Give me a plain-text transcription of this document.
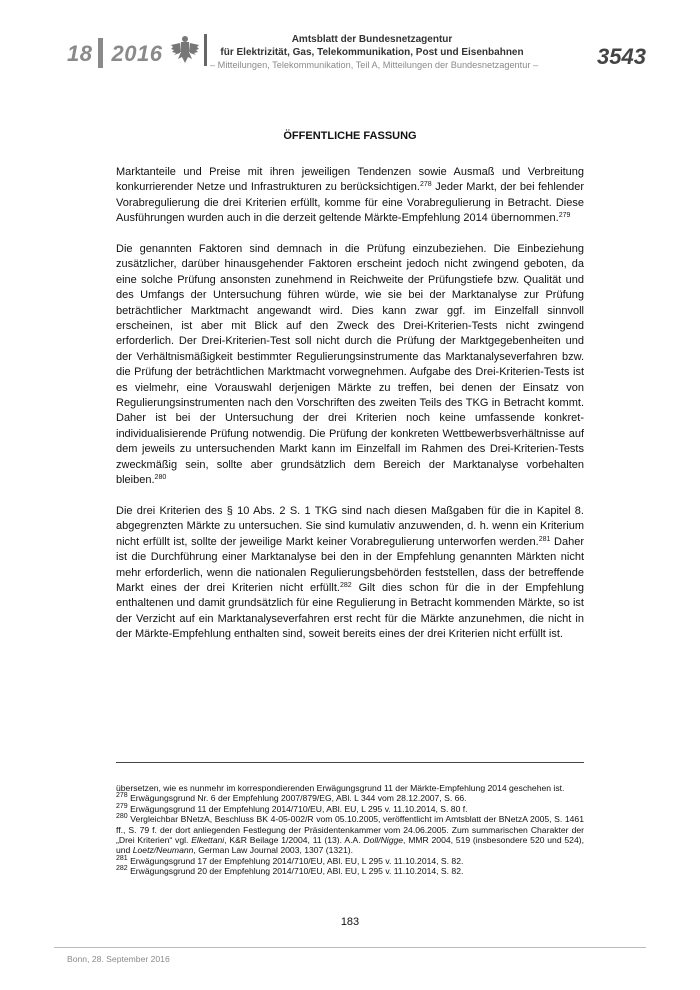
18 2016
Amtsblatt der Bundesnetzagentur
für Elektrizität, Gas, Telekommunikation, Post und Eisenbahnen
– Mitteilungen, Telekommunikation, Teil A, Mitteilungen der Bundesnetzagentur –	3543
ÖFFENTLICHE FASSUNG

Marktanteile und Preise mit ihren jeweiligen Tendenzen sowie Ausmaß und Verbreitung konkurrierender Netze und Infrastrukturen zu berücksichtigen.$^{278}$ Jeder Markt, der bei fehlender Vorabregulierung die drei Kriterien erfüllt, komme für eine Vorabregulierung in Betracht. Diese Ausführungen wurden auch in die derzeit geltende Märkte-Empfehlung 2014 übernommen.$^{279}$

Die genannten Faktoren sind demnach in die Prüfung einzubeziehen. Die Einbeziehung zusätzlicher, darüber hinausgehender Faktoren erscheint jedoch nicht zwingend geboten, da eine solche Prüfung ansonsten zunehmend in Reichweite der Prüfungstiefe bzw. Qualität und des Umfangs der Untersuchung führen würde, wie sie bei der Marktanalyse zur Prüfung beträchtlicher Marktmacht angewandt wird. Dies kann zwar ggf. im Einzelfall sinnvoll erscheinen, ist aber mit Blick auf den Zweck des Drei-Kriterien-Tests nicht zwingend erforderlich. Der Drei-Kriterien-Test soll nicht durch die Prüfung der Marktgegebenheiten und der Verhältnismäßigkeit bestimmter Regulierungsinstrumente das Marktanalyseverfahren bzw. die Prüfung der beträchtlichen Marktmacht vorwegnehmen. Aufgabe des Drei-Kriterien-Tests ist es vielmehr, eine Vorauswahl derjenigen Märkte zu treffen, bei denen der Einsatz von Regulierungsinstrumenten nach den Vorschriften des zweiten Teils des TKG in Betracht kommt. Daher ist bei der Untersuchung der drei Kriterien noch keine umfassende konkret-individualisierende Prüfung notwendig. Die Prüfung der konkreten Wettbewerbsverhältnisse auf dem jeweils zu untersuchenden Markt kann im Einzelfall im Rahmen des Drei-Kriterien-Tests zweckmäßig sein, sollte aber grundsätzlich dem Bereich der Marktanalyse vorbehalten bleiben.$^{280}$

Die drei Kriterien des § 10 Abs. 2 S. 1 TKG sind nach diesen Maßgaben für die in Kapitel 8. abgegrenzten Märkte zu untersuchen. Sie sind kumulativ anzuwenden, d. h. wenn ein Kriterium nicht erfüllt ist, sollte der jeweilige Markt keiner Vorabregulierung unterworfen werden.$^{281}$ Daher ist die Durchführung einer Marktanalyse bei den in der Empfehlung genannten Märkten nicht mehr erforderlich, wenn die nationalen Regulierungsbehörden feststellen, dass der betreffende Markt eines der drei Kriterien nicht erfüllt.$^{282}$ Gilt dies schon für die in der Empfehlung enthaltenen und damit grundsätzlich für eine Regulierung in Betracht kommenden Märkte, so ist der Verzicht auf ein Marktanalyseverfahren erst recht für die Märkte anzunehmen, die nicht in der Märkte-Empfehlung enthalten sind, soweit bereits eines der drei Kriterien nicht erfüllt ist.

übersetzen, wie es nunmehr im korrespondierenden Erwägungsgrund 11 der Märkte-Empfehlung 2014 geschehen ist.

$^{278}$ Erwägungsgrund Nr. 6 der Empfehlung 2007/879/EG, ABl. L 344 vom 28.12.2007, S. 66.

$^{279}$ Erwägungsgrund 11 der Empfehlung 2014/710/EU, ABl. EU, L 295 v. 11.10.2014, S. 80 f.

$^{280}$ Vergleichbar BNetzA, Beschluss BK 4-05-002/R vom 05.10.2005, veröffentlicht im Amtsblatt der BNetzA 2005, S. 1461 ff., S. 79 f. der dort anliegenden Festlegung der Präsidentenkammer vom 24.06.2005. Zum summarischen Charakter der „Drei Kriterien“ vgl. Elkettani, K&R Beilage 1/2004, 11 (13). A.A. Doll/Nigge, MMR 2004, 519 (insbesondere 520 und 524), und Loetz/Neumann, German Law Journal 2003, 1307 (1321).

$^{281}$ Erwägungsgrund 17 der Empfehlung 2014/710/EU, ABl. EU, L 295 v. 11.10.2014, S. 82.

$^{282}$ Erwägungsgrund 20 der Empfehlung 2014/710/EU, ABl. EU, L 295 v. 11.10.2014, S. 82.

183
Bonn, 28. September 2016
